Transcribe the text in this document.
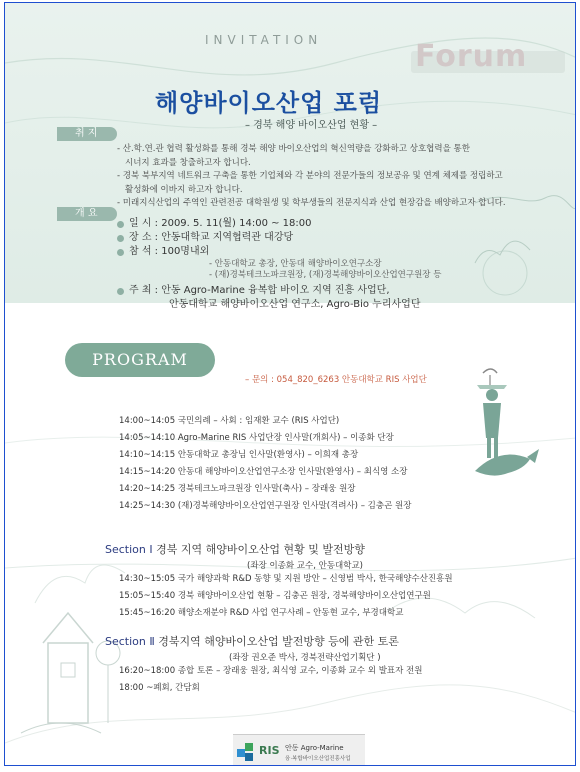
INVITATION	Forum
해양바이오산업 포럼
– 경북 해양 바이오산업 현황 –
취 지

- 산.학.연.관 협력 활성화를 통해 경북 해양 바이오산업의 혁신역량을 강화하고 상호협력을 통한

시너지 효과를 창출하고자 합니다.

- 경북 북부지역 네트워크 구축을 통한 기업체와 각 분야의 전문가들의 정보공유 및 연계 체제를 정립하고

활성화에 이바지 하고자 합니다.

- 미래지식산업의 주역인 관련전공 대학원생 및 학부생들의 전문지식과 산업 현장감을 배양하고자 합니다.

개 요
일 시 : 2009. 5. 11(월) 14:00 ~ 18:00
장 소 : 안동대학교 지역협력관 대강당
참 석 : 100명내외
- 안동대학교 총장, 안동대 해양바이오연구소장
- (재)경북테크노파크원장, (재)경북해양바이오산업연구원장 등
주 최 : 안동 Agro-Marine 융복합 바이오 지역 진흥 사업단,
안동대학교 해양바이오산업 연구소, Agro-Bio 누리사업단
PROGRAM
– 문의 : 054_820_6263 안동대학교 RIS 사업단
14:00~14:05 국민의례 – 사회 : 임재환 교수 (RIS 사업단)
14:05~14:10 Agro-Marine RIS 사업단장 인사말(개회사) – 이종화 단장
14:10~14:15 안동대학교 총장님 인사말(환영사) – 이희재 총장
14:15~14:20 안동대 해양바이오산업연구소장 인사말(환영사) – 최식영 소장
14:20~14:25 경북테크노파크원장 인사말(축사) – 장래웅 원장
14:25~14:30 (재)경북해양바이오산업연구원장 인사말(격려사) – 김충곤 원장
Section Ⅰ 경북 지역 해양바이오산업 현황 및 발전방향
(좌장 이종화 교수, 안동대학교)
14:30~15:05 국가 해양과학 R&D 동향 및 지원 방안 – 신영범 박사, 한국해양수산진흥원
15:05~15:40 경북 해양바이오산업 현황 – 김충곤 원장, 경북해양바이오산업연구원
15:45~16:20 해양소재분야 R&D 사업 연구사례 – 안동현 교수, 부경대학교
Section Ⅱ 경북지역 해양바이오산업 발전방향 등에 관한 토론
(좌장 권오준 박사, 경북전략산업기획단 )
16:20~18:00 종합 토론 – 장래웅 원장, 최식영 교수, 이종화 교수 외 발표자 전원
18:00 ~폐회, 간담회
RIS 안동 Agro-Marine
융·복합바이오산업진흥사업
